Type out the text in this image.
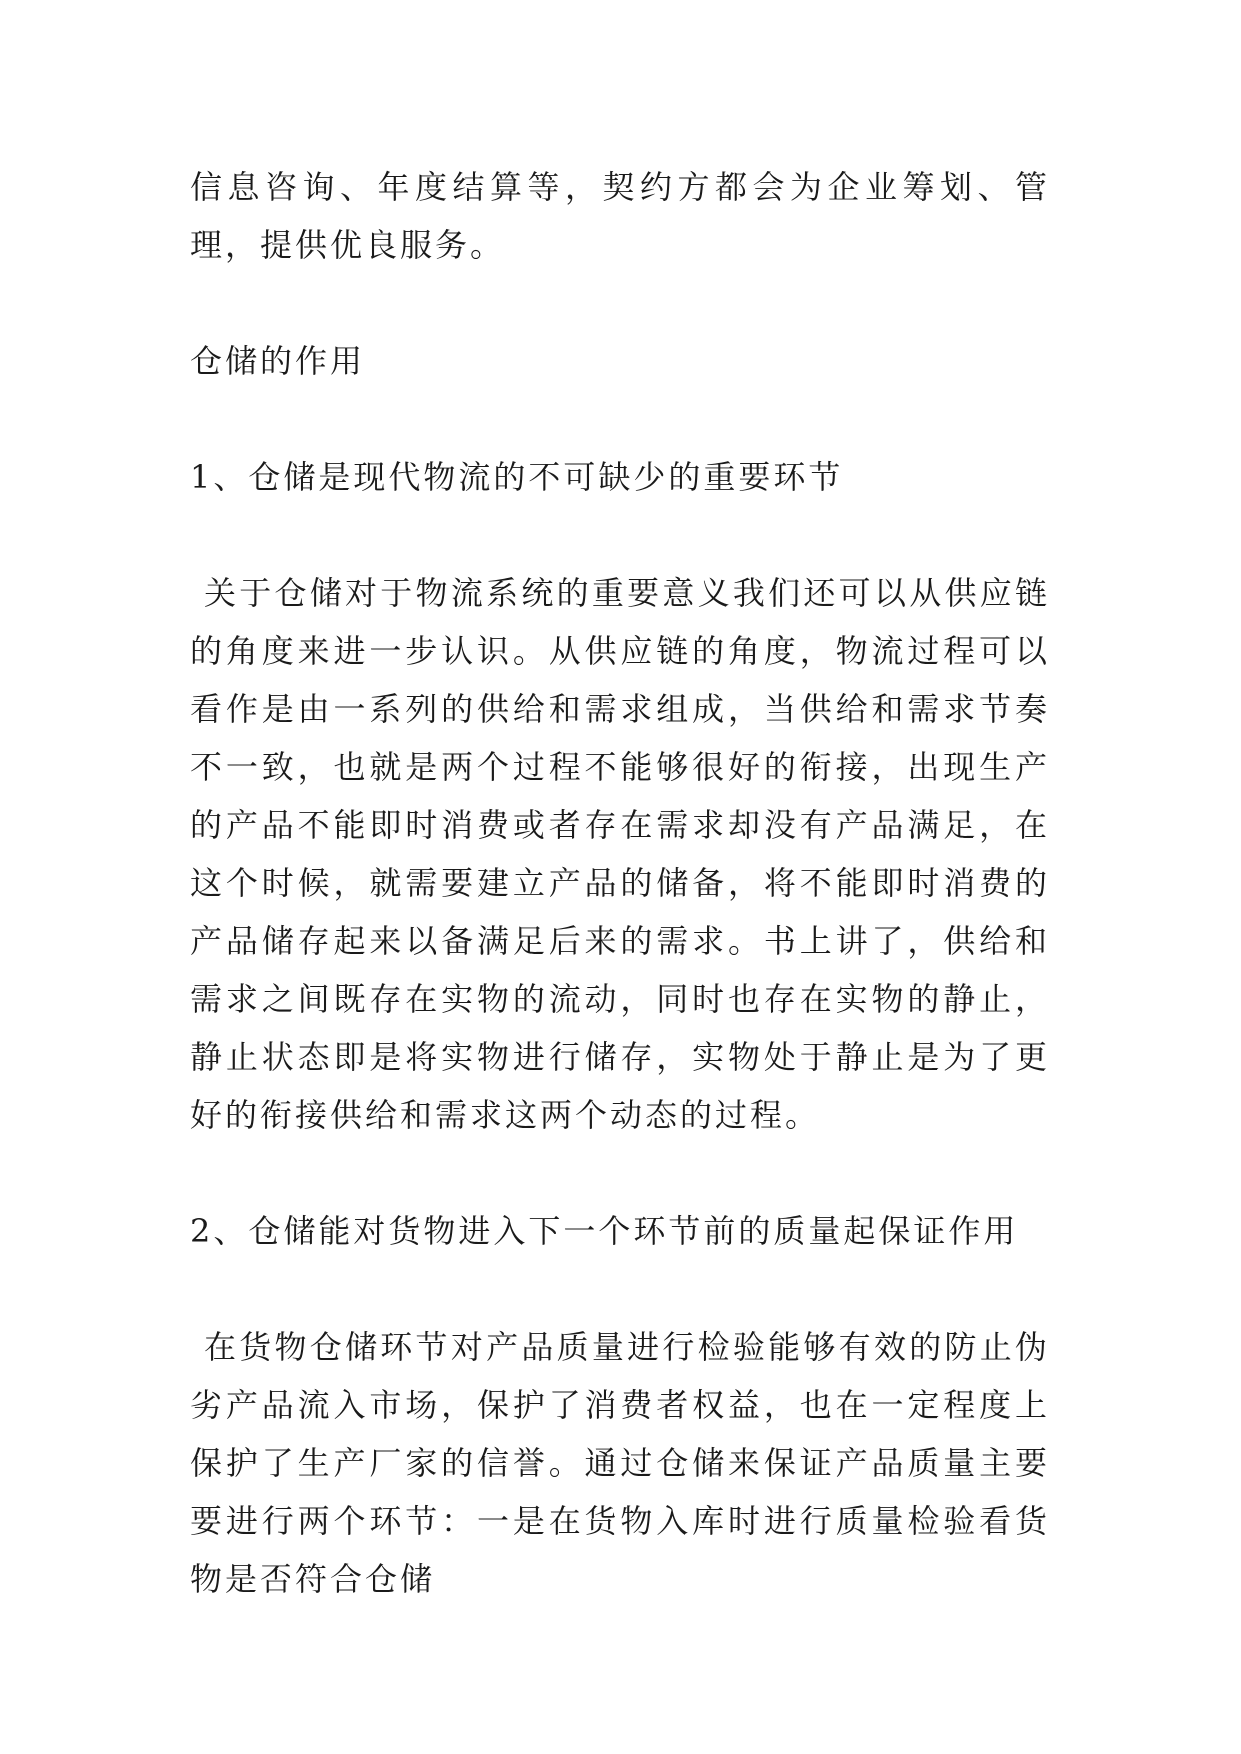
信息咨询、年度结算等，契约方都会为企业筹划、管理，提供优良服务。

仓储的作用

1、仓储是现代物流的不可缺少的重要环节

关于仓储对于物流系统的重要意义我们还可以从供应链的角度来进一步认识。从供应链的角度，物流过程可以看作是由一系列的供给和需求组成，当供给和需求节奏不一致，也就是两个过程不能够很好的衔接，出现生产的产品不能即时消费或者存在需求却没有产品满足，在这个时候，就需要建立产品的储备，将不能即时消费的产品储存起来以备满足后来的需求。书上讲了，供给和需求之间既存在实物的流动，同时也存在实物的静止，静止状态即是将实物进行储存，实物处于静止是为了更好的衔接供给和需求这两个动态的过程。

2、仓储能对货物进入下一个环节前的质量起保证作用

在货物仓储环节对产品质量进行检验能够有效的防止伪劣产品流入市场，保护了消费者权益，也在一定程度上保护了生产厂家的信誉。通过仓储来保证产品质量主要要进行两个环节：一是在货物入库时进行质量检验看货物是否符合仓储
